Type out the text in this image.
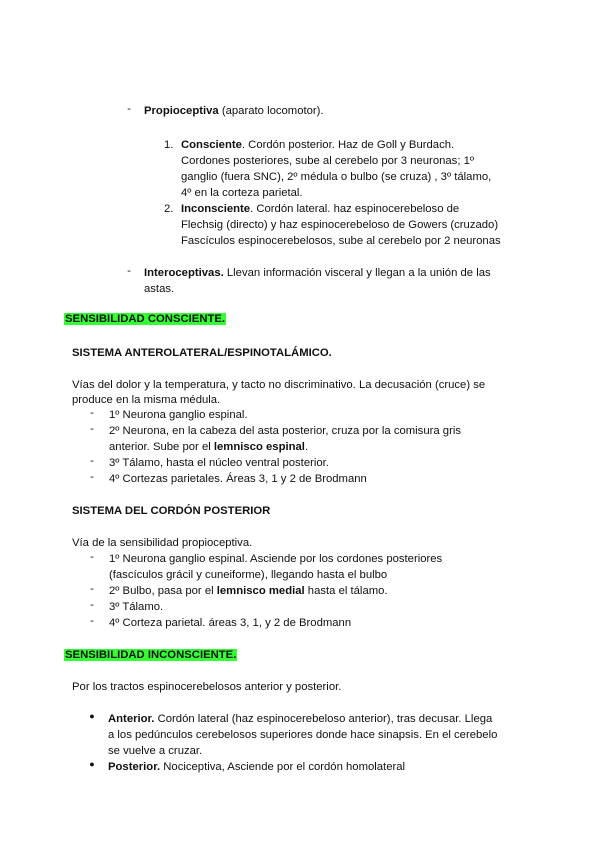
- Propioceptiva (aparato locomotor).
1. Consciente. Cordón posterior. Haz de Goll y Burdach.
Cordones posteriores, sube al cerebelo por 3 neuronas; 1º
ganglio (fuera SNC), 2º médula o bulbo (se cruza) , 3º tálamo,
4º en la corteza parietal.
2. Inconsciente. Cordón lateral. haz espinocerebeloso de
Flechsig (directo) y haz espinocerebeloso de Gowers (cruzado)
Fascículos espinocerebelosos, sube al cerebelo por 2 neuronas
- Interoceptivas. Llevan información visceral y llegan a la unión de las
astas.
SENSIBILIDAD CONSCIENTE.
SISTEMA ANTEROLATERAL/ESPINOTALÁMICO.
Vías del dolor y la temperatura, y tacto no discriminativo. La decusación (cruce) se
produce en la misma médula.
- 1º Neurona ganglio espinal.
- 2º Neurona, en la cabeza del asta posterior, cruza por la comisura gris
anterior. Sube por el lemnisco espinal.
- 3º Tálamo, hasta el núcleo ventral posterior.
- 4º Cortezas parietales. Áreas 3, 1 y 2 de Brodmann
SISTEMA DEL CORDÓN POSTERIOR
Vía de la sensibilidad propioceptiva.
- 1º Neurona ganglio espinal. Asciende por los cordones posteriores
(fascículos grácil y cuneiforme), llegando hasta el bulbo
- 2º Bulbo, pasa por el lemnisco medial hasta el tálamo.
- 3º Tálamo.
- 4º Corteza parietal. áreas 3, 1, y 2 de Brodmann
SENSIBILIDAD INCONSCIENTE.
Por los tractos espinocerebelosos anterior y posterior.
● Anterior. Cordón lateral (haz espinocerebeloso anterior), tras decusar. Llega
a los pedúnculos cerebelosos superiores donde hace sinapsis. En el cerebelo
se vuelve a cruzar.
● Posterior. Nociceptiva, Asciende por el cordón homolateral
